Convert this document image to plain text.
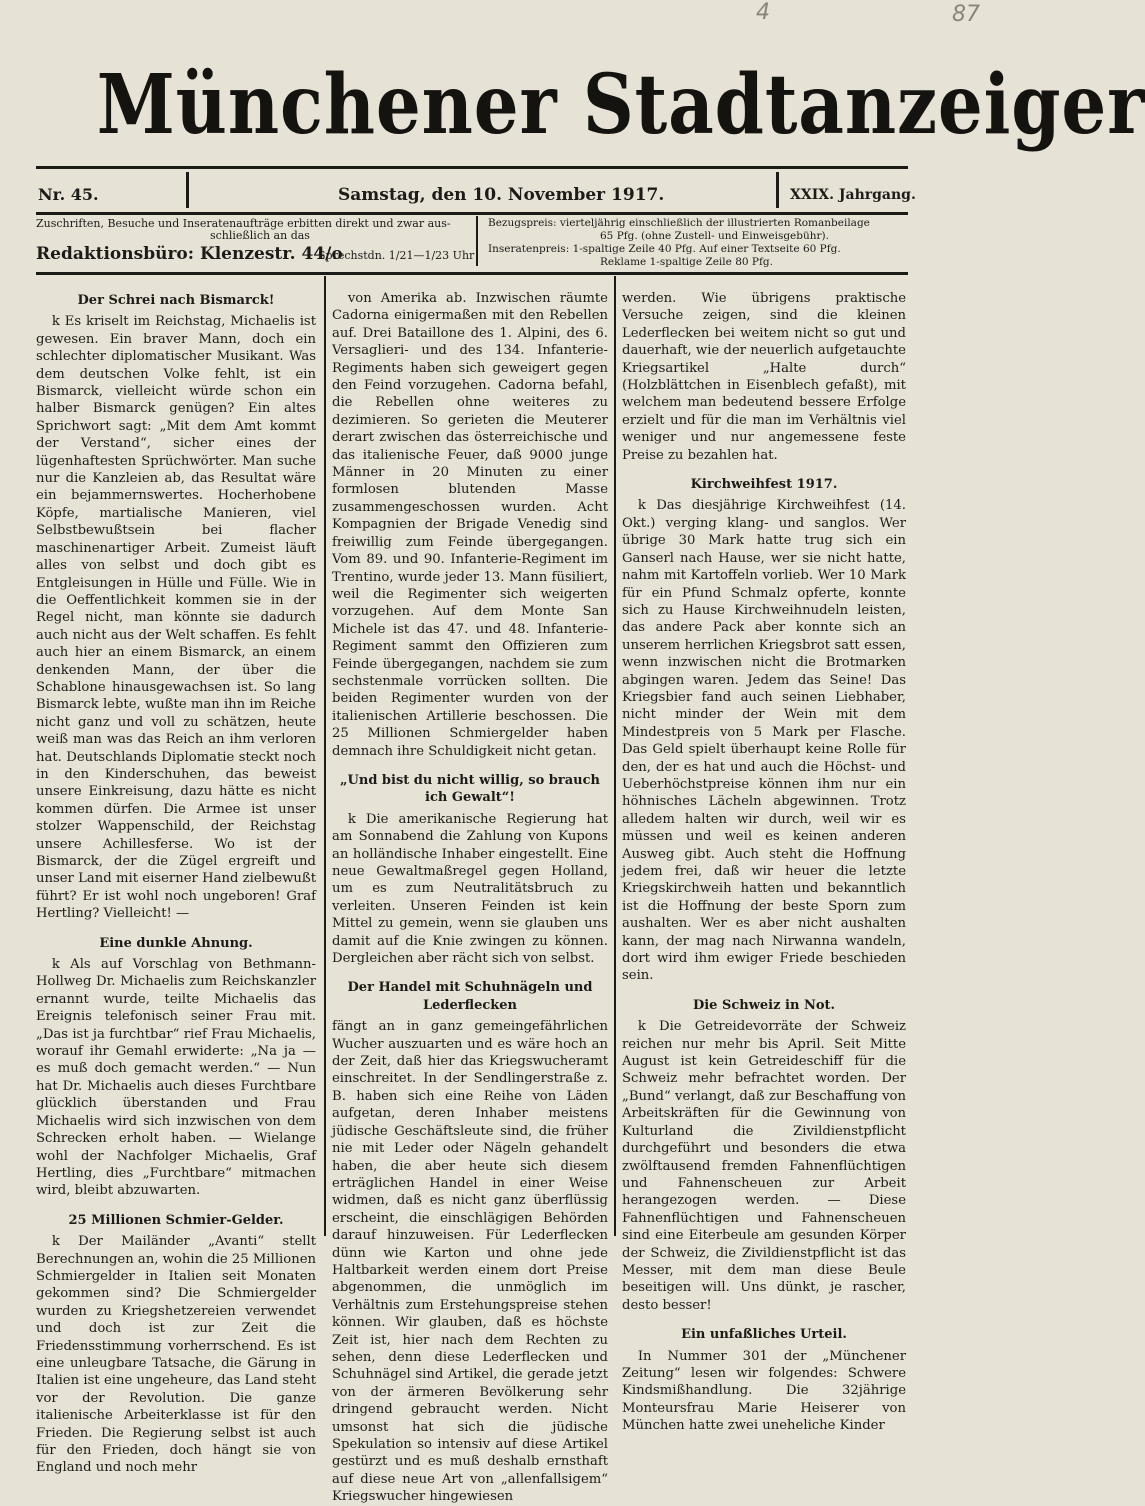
4	87
Münchener Stadtanzeiger
Nr. 45.	Samstag, den 10. November 1917.	XXIX. Jahrgang.
Zuschriften, Besuche und Inseratenaufträge erbitten direkt und zwar aus-
schließlich an das
Redaktionsbüro: Klenzestr. 44/o
Sprechstdn. 1/21—1/23 Uhr
Bezugspreis: vierteljährig einschließlich der illustrierten Romanbeilage
65 Pfg. (ohne Zustell- und Einweisgebühr).
Inseratenpreis: 1-spaltige Zeile 40 Pfg. Auf einer Textseite 60 Pfg.
Reklame 1-spaltige Zeile 80 Pfg.
Der Schrei nach Bismarck!

k Es kriselt im Reichstag, Michaelis ist gewesen. Ein braver Mann, doch ein schlechter diplomatischer Musikant. Was dem deutschen Volke fehlt, ist ein Bismarck, vielleicht würde schon ein halber Bismarck genügen? Ein altes Sprichwort sagt: „Mit dem Amt kommt der Verstand“, sicher eines der lügenhaftesten Sprüchwörter. Man suche nur die Kanzleien ab, das Resultat wäre ein bejammernswertes. Hocherhobene Köpfe, martialische Manieren, viel Selbstbewußtsein bei flacher maschinenartiger Arbeit. Zumeist läuft alles von selbst und doch gibt es Entgleisungen in Hülle und Fülle. Wie in die Oeffentlichkeit kommen sie in der Regel nicht, man könnte sie dadurch auch nicht aus der Welt schaffen. Es fehlt auch hier an einem Bismarck, an einem denkenden Mann, der über die Schablone hinausgewachsen ist. So lang Bismarck lebte, wußte man ihn im Reiche nicht ganz und voll zu schätzen, heute weiß man was das Reich an ihm verloren hat. Deutschlands Diplomatie steckt noch in den Kinderschuhen, das beweist unsere Einkreisung, dazu hätte es nicht kommen dürfen. Die Armee ist unser stolzer Wappenschild, der Reichstag unsere Achillesferse. Wo ist der Bismarck, der die Zügel ergreift und unser Land mit eiserner Hand zielbewußt führt? Er ist wohl noch ungeboren! Graf Hertling? Vielleicht! —

Eine dunkle Ahnung.

k Als auf Vorschlag von Bethmann-Hollweg Dr. Michaelis zum Reichskanzler ernannt wurde, teilte Michaelis das Ereignis telefonisch seiner Frau mit. „Das ist ja furchtbar“ rief Frau Michaelis, worauf ihr Gemahl erwiderte: „Na ja — es muß doch gemacht werden.“ — Nun hat Dr. Michaelis auch dieses Furchtbare glücklich überstanden und Frau Michaelis wird sich inzwischen von dem Schrecken erholt haben. — Wielange wohl der Nachfolger Michaelis, Graf Hertling, dies „Furchtbare“ mitmachen wird, bleibt abzuwarten.

25 Millionen Schmier-Gelder.

k Der Mailänder „Avanti“ stellt Berechnungen an, wohin die 25 Millionen Schmiergelder in Italien seit Monaten gekommen sind? Die Schmiergelder wurden zu Kriegshetzereien verwendet und doch ist zur Zeit die Friedensstimmung vorherrschend. Es ist eine unleugbare Tatsache, die Gärung in Italien ist eine ungeheure, das Land steht vor der Revolution. Die ganze italienische Arbeiterklasse ist für den Frieden. Die Regierung selbst ist auch für den Frieden, doch hängt sie von England und noch mehr

von Amerika ab. Inzwischen räumte Cadorna einigermaßen mit den Rebellen auf. Drei Bataillone des 1. Alpini, des 6. Versaglieri- und des 134. Infanterie-Regiments haben sich geweigert gegen den Feind vorzugehen. Cadorna befahl, die Rebellen ohne weiteres zu dezimieren. So gerieten die Meuterer derart zwischen das österreichische und das italienische Feuer, daß 9000 junge Männer in 20 Minuten zu einer formlosen blutenden Masse zusammengeschossen wurden. Acht Kompagnien der Brigade Venedig sind freiwillig zum Feinde übergegangen. Vom 89. und 90. Infanterie-Regiment im Trentino, wurde jeder 13. Mann füsiliert, weil die Regimenter sich weigerten vorzugehen. Auf dem Monte San Michele ist das 47. und 48. Infanterie-Regiment sammt den Offizieren zum Feinde übergegangen, nachdem sie zum sechstenmale vorrücken sollten. Die beiden Regimenter wurden von der italienischen Artillerie beschossen. Die 25 Millionen Schmiergelder haben demnach ihre Schuldigkeit nicht getan.

„Und bist du nicht willig, so brauch ich Gewalt“!

k Die amerikanische Regierung hat am Sonnabend die Zahlung von Kupons an holländische Inhaber eingestellt. Eine neue Gewaltmaßregel gegen Holland, um es zum Neutralitätsbruch zu verleiten. Unseren Feinden ist kein Mittel zu gemein, wenn sie glauben uns damit auf die Knie zwingen zu können. Dergleichen aber rächt sich von selbst.

Der Handel mit Schuhnägeln und Lederflecken

fängt an in ganz gemeingefährlichen Wucher auszuarten und es wäre hoch an der Zeit, daß hier das Kriegswucheramt einschreitet. In der Sendlingerstraße z. B. haben sich eine Reihe von Läden aufgetan, deren Inhaber meistens jüdische Geschäftsleute sind, die früher nie mit Leder oder Nägeln gehandelt haben, die aber heute sich diesem erträglichen Handel in einer Weise widmen, daß es nicht ganz überflüssig erscheint, die einschlägigen Behörden darauf hinzuweisen. Für Lederflecken dünn wie Karton und ohne jede Haltbarkeit werden einem dort Preise abgenommen, die unmöglich im Verhältnis zum Erstehungspreise stehen können. Wir glauben, daß es höchste Zeit ist, hier nach dem Rechten zu sehen, denn diese Lederflecken und Schuhnägel sind Artikel, die gerade jetzt von der ärmeren Bevölkerung sehr dringend gebraucht werden. Nicht umsonst hat sich die jüdische Spekulation so intensiv auf diese Artikel gestürzt und es muß deshalb ernsthaft auf diese neue Art von „allenfallsigem“ Kriegswucher hingewiesen

werden. Wie übrigens praktische Versuche zeigen, sind die kleinen Lederflecken bei weitem nicht so gut und dauerhaft, wie der neuerlich aufgetauchte Kriegsartikel „Halte durch“ (Holzblättchen in Eisenblech gefaßt), mit welchem man bedeutend bessere Erfolge erzielt und für die man im Verhältnis viel weniger und nur angemessene feste Preise zu bezahlen hat.

Kirchweihfest 1917.

k Das diesjährige Kirchweihfest (14. Okt.) verging klang- und sanglos. Wer übrige 30 Mark hatte trug sich ein Ganserl nach Hause, wer sie nicht hatte, nahm mit Kartoffeln vorlieb. Wer 10 Mark für ein Pfund Schmalz opferte, konnte sich zu Hause Kirchweihnudeln leisten, das andere Pack aber konnte sich an unserem herrlichen Kriegsbrot satt essen, wenn inzwischen nicht die Brotmarken abgingen waren. Jedem das Seine! Das Kriegsbier fand auch seinen Liebhaber, nicht minder der Wein mit dem Mindestpreis von 5 Mark per Flasche. Das Geld spielt überhaupt keine Rolle für den, der es hat und auch die Höchst- und Ueberhöchstpreise können ihm nur ein höhnisches Lächeln abgewinnen. Trotz alledem halten wir durch, weil wir es müssen und weil es keinen anderen Ausweg gibt. Auch steht die Hoffnung jedem frei, daß wir heuer die letzte Kriegskirchweih hatten und bekanntlich ist die Hoffnung der beste Sporn zum aushalten. Wer es aber nicht aushalten kann, der mag nach Nirwanna wandeln, dort wird ihm ewiger Friede beschieden sein.

Die Schweiz in Not.

k Die Getreidevorräte der Schweiz reichen nur mehr bis April. Seit Mitte August ist kein Getreideschiff für die Schweiz mehr befrachtet worden. Der „Bund“ verlangt, daß zur Beschaffung von Arbeitskräften für die Gewinnung von Kulturland die Zivildienstpflicht durchgeführt und besonders die etwa zwölftausend fremden Fahnenflüchtigen und Fahnenscheuen zur Arbeit herangezogen werden. — Diese Fahnenflüchtigen und Fahnenscheuen sind eine Eiterbeule am gesunden Körper der Schweiz, die Zivildienstpflicht ist das Messer, mit dem man diese Beule beseitigen will. Uns dünkt, je rascher, desto besser!

Ein unfaßliches Urteil.

In Nummer 301 der „Münchener Zeitung“ lesen wir folgendes: Schwere Kindsmißhandlung. Die 32jährige Monteursfrau Marie Heiserer von München hatte zwei uneheliche Kinder
